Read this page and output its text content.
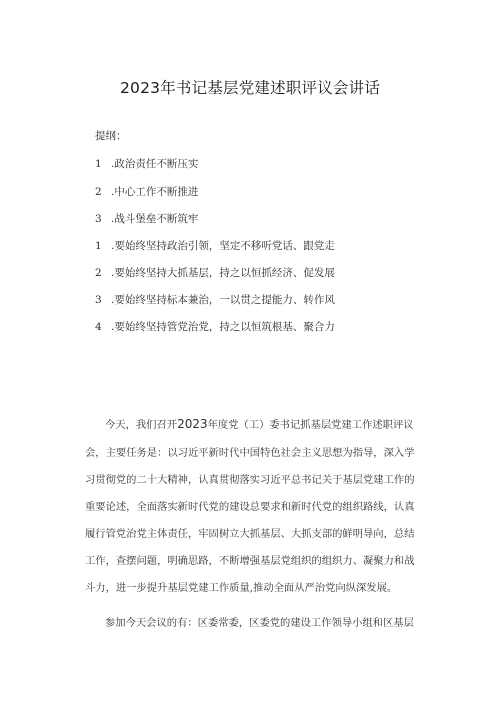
2023年书记基层党建述职评议会讲话
提纲：
1 .政治责任不断压实
2 .中心工作不断推进
3 .战斗堡垒不断筑牢
1 .要始终坚持政治引领，坚定不移听党话、跟党走
2 .要始终坚持大抓基层，持之以恒抓经济、促发展
3 .要始终坚持标本兼治，一以贯之提能力、转作风
4 .要始终坚持管党治党，持之以恒筑根基、聚合力
今天，我们召开2023年度党（工）委书记抓基层党建工作述职评议
会，主要任务是：以习近平新时代中国特色社会主义思想为指导，深入学
习贯彻党的二十大精神，认真贯彻落实习近平总书记关于基层党建工作的
重要论述，全面落实新时代党的建设总要求和新时代党的组织路线，认真
履行管党治党主体责任，牢固树立大抓基层、大抓支部的鲜明导向，总结
工作，查摆问题，明确思路，不断增强基层党组织的组织力、凝聚力和战
斗力，进一步提升基层党建工作质量,推动全面从严治党向纵深发展。
参加今天会议的有：区委常委，区委党的建设工作领导小组和区基层
